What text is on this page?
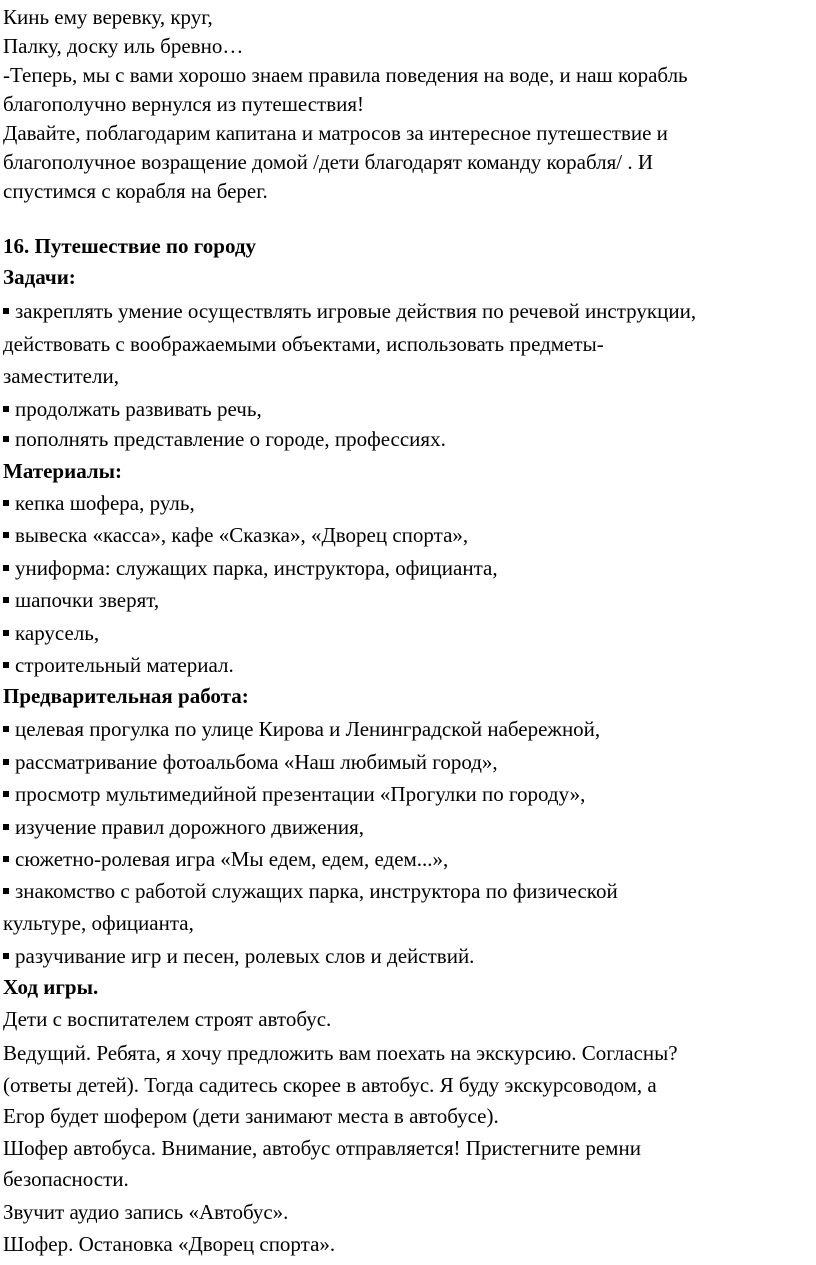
Кинь ему веревку, круг,
Палку, доску иль бревно…
-Теперь, мы с вами хорошо знаем правила поведения на воде, и наш корабль
благополучно вернулся из путешествия!
Давайте, поблагодарим капитана и матросов за интересное путешествие и
благополучное возращение домой /дети благодарят команду корабля/ . И
спустимся с корабля на берег.
16. Путешествие по городу
Задачи:
закреплять умение осуществлять игровые действия по речевой инструкции,
действовать с воображаемыми объектами, использовать предметы-
заместители,
продолжать развивать речь,
пополнять представление о городе, профессиях.
Материалы:
кепка шофера, руль,
вывеска «касса», кафе «Сказка», «Дворец спорта»,
униформа: служащих парка, инструктора, официанта,
шапочки зверят,
карусель,
строительный материал.
Предварительная работа:
целевая прогулка по улице Кирова и Ленинградской набережной,
рассматривание фотоальбома «Наш любимый город»,
просмотр мультимедийной презентации «Прогулки по городу»,
изучение правил дорожного движения,
сюжетно-ролевая игра «Мы едем, едем, едем...»,
знакомство с работой служащих парка, инструктора по физической
культуре, официанта,
разучивание игр и песен, ролевых слов и действий.
Ход игры.
Дети с воспитателем строят автобус.
Ведущий. Ребята, я хочу предложить вам поехать на экскурсию. Согласны?
(ответы детей). Тогда садитесь скорее в автобус. Я буду экскурсоводом, а
Егор будет шофером (дети занимают места в автобусе).
Шофер автобуса. Внимание, автобус отправляется! Пристегните ремни
безопасности.
Звучит аудио запись «Автобус».
Шофер. Остановка «Дворец спорта».
